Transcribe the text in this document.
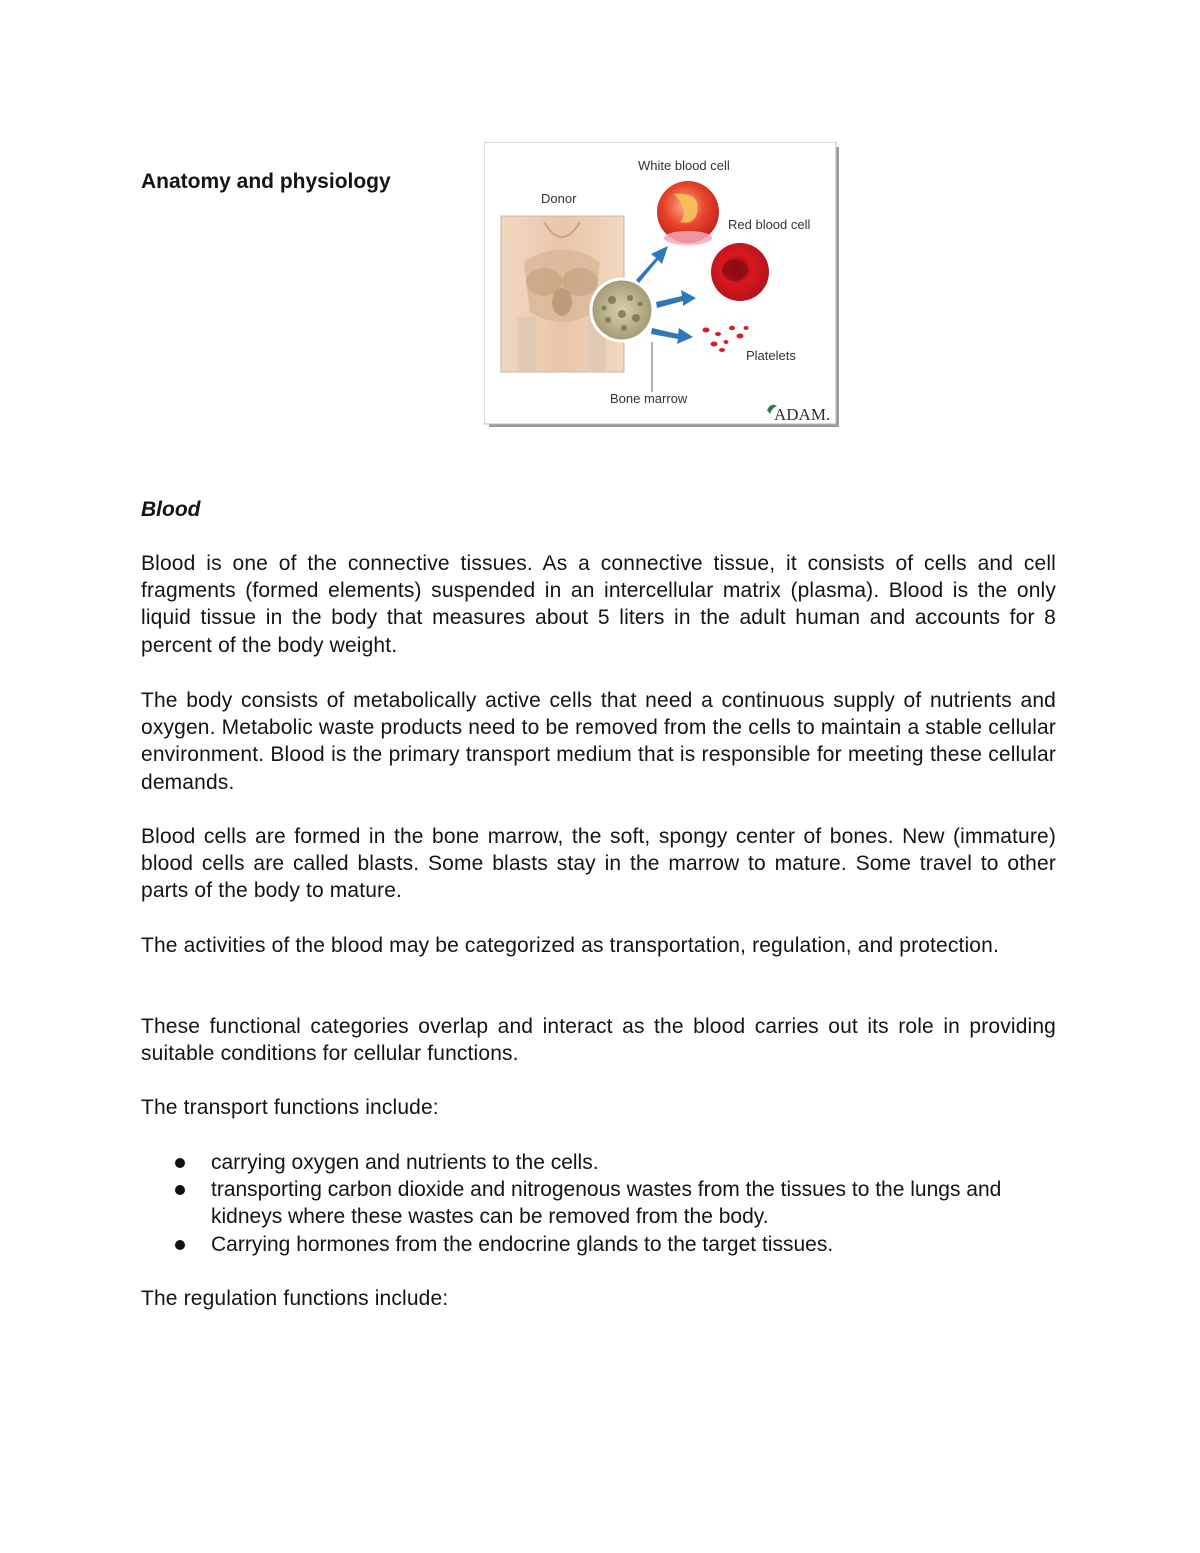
Anatomy and physiology
Donor
White blood cell
Red blood cell
Platelets
Bone marrow
ADAM.
Blood

Blood is one of the connective tissues. As a connective tissue, it consists of cells and cell fragments (formed elements) suspended in an intercellular matrix (plasma). Blood is the only liquid tissue in the body that measures about 5 liters in the adult human and accounts for 8 percent of the body weight.

The body consists of metabolically active cells that need a continuous supply of nutrients and oxygen. Metabolic waste products need to be removed from the cells to maintain a stable cellular environment. Blood is the primary transport medium that is responsible for meeting these cellular demands.

Blood cells are formed in the bone marrow, the soft, spongy center of bones. New (immature) blood cells are called blasts. Some blasts stay in the marrow to mature. Some travel to other parts of the body to mature.

The activities of the blood may be categorized as transportation, regulation, and protection.

These functional categories overlap and interact as the blood carries out its role in providing suitable conditions for cellular functions.

The transport functions include:

carrying oxygen and nutrients to the cells.
transporting carbon dioxide and nitrogenous wastes from the tissues to the lungs and kidneys where these wastes can be removed from the body.
Carrying hormones from the endocrine glands to the target tissues.

The regulation functions include:
